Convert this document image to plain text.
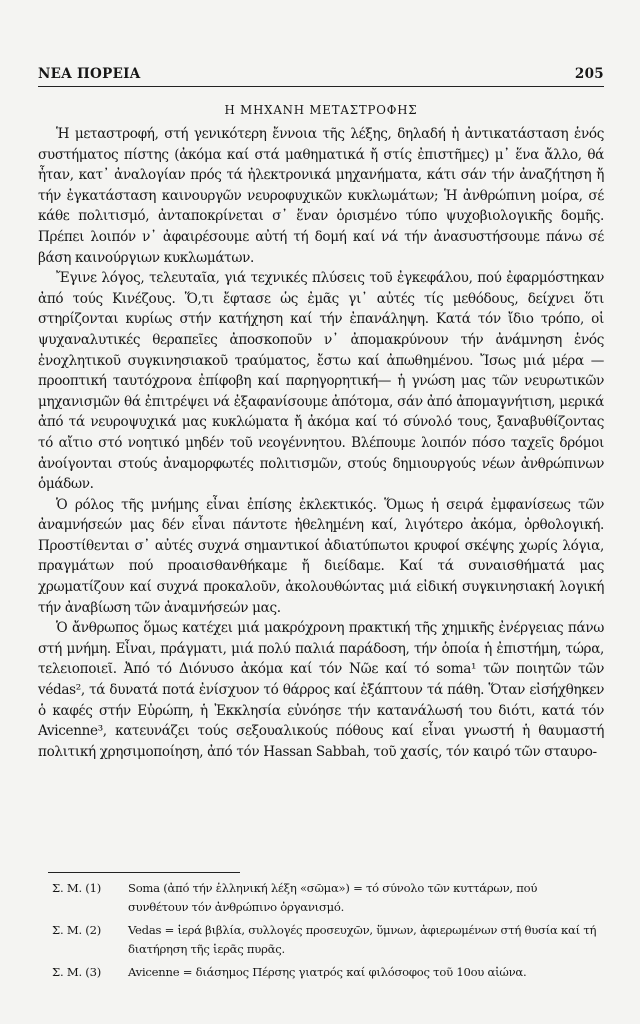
ΝΕΑ ΠΟΡΕΙΑ	205
Η ΜΗΧΑΝΗ ΜΕΤΑΣΤΡΟΦΗΣ

Ἡ μεταστροφή, στή γενικότερη ἔννοια τῆς λέξης, δηλαδή ἡ ἀντικατάσταση ἑνός συστήματος πίστης (ἀκόμα καί στά μαθηματικά ἤ στίς ἐπιστῆμες) μ᾿ ἕνα ἄλλο, θά ἦταν, κατ᾿ ἀναλογίαν πρός τά ἠλεκτρονικά μηχανήματα, κάτι σάν τήν ἀναζήτηση ἤ τήν ἐγκατάσταση καινουργῶν νευροφυχικῶν κυκλωμάτων; Ἡ ἀνθρώπινη μοίρα, σέ κάθε πολιτισμό, ἀνταποκρίνεται σ᾿ ἕναν ὁρισμένο τύπο ψυχοβιολογικῆς δομῆς. Πρέπει λοιπόν ν᾿ ἀφαιρέσουμε αὐτή τή δομή καί νά τήν ἀνασυστήσουμε πάνω σέ βάση καινούργιων κυκλωμάτων.

Ἔγινε λόγος, τελευταῖα, γιά τεχνικές πλύσεις τοῦ ἐγκεφάλου, πού ἐφαρμόστηκαν ἀπό τούς Κινέζους. Ὅ,τι ἔφτασε ὡς ἐμᾶς γι᾿ αὐτές τίς μεθόδους, δείχνει ὅτι στηρίζονται κυρίως στήν κατήχηση καί τήν ἐπανάληψη. Κατά τόν ἴδιο τρόπο, οἱ ψυχαναλυτικές θεραπεῖες ἀποσκοποῦν ν᾿ ἀπομακρύνουν τήν ἀνάμνηση ἑνός ἐνοχλητικοῦ συγκινησιακοῦ τραύματος, ἔστω καί ἀπωθημένου. Ἴσως μιά μέρα —προοπτική ταυτόχρονα ἐπίφοβη καί παρηγορητική— ἡ γνώση μας τῶν νευρωτικῶν μηχανισμῶν θά ἐπιτρέψει νά ἐξαφανίσουμε ἀπότομα, σάν ἀπό ἀπομαγνήτιση, μερικά ἀπό τά νευροψυχικά μας κυκλώματα ἤ ἀκόμα καί τό σύνολό τους, ξαναβυθίζοντας τό αἴτιο στό νοητικό μηδέν τοῦ νεογέννητου. Βλέπουμε λοιπόν πόσο ταχεῖς δρόμοι ἀνοίγονται στούς ἀναμορφωτές πολιτισμῶν, στούς δημιουργούς νέων ἀνθρώπινων ὁμάδων.

Ὁ ρόλος τῆς μνήμης εἶναι ἐπίσης ἐκλεκτικός. Ὅμως ἡ σειρά ἐμφανίσεως τῶν ἀναμνήσεών μας δέν εἶναι πάντοτε ἠθεληµένη καί, λιγότερο ἀκόμα, ὀρθολογική. Προστίθενται σ᾿ αὐτές συχνά σημαντικοί ἀδιατύπωτοι κρυφοί σκέψης χωρίς λόγια, πραγμάτων πού προαισθανθήκαμε ἤ διείδαμε. Καί τά συναισθήματά μας χρωματίζουν καί συχνά προκαλοῦν, ἀκολουθώντας μιά εἰδική συγκινησιακή λογική τήν ἀναβίωση τῶν ἀναμνήσεών μας.

Ὁ ἄνθρωπος ὅμως κατέχει μιά μακρόχρονη πρακτική τῆς χημικῆς ἐνέργειας πάνω στή μνήμη. Εἶναι, πράγματι, μιά πολύ παλιά παράδοση, τήν ὁποία ἡ ἐπιστήμη, τώρα, τελειοποιεῖ. Ἀπό τό Διόνυσο ἀκόμα καί τόν Νῶε καί τό soma¹ τῶν ποιητῶν τῶν védas², τά δυνατά ποτά ἐνίσχυον τό θάρρος καί ἐξάπτουν τά πάθη. Ὅταν εἰσήχθηκεν ὁ καφές στήν Εὐρώπη, ἡ Ἐκκλησία εὐνόησε τήν κατανάλωσή του διότι, κατά τόν Avicenne³, κατευνάζει τούς σεξουαλικούς πόθους καί εἶναι γνωστή ἡ θαυμαστή πολιτική χρησιμοποίηση, ἀπό τόν Hassan Sabbah, τοῦ χασίς, τόν καιρό τῶν σταυρο-

Σ. Μ. (1)	Soma (ἀπό τήν ἑλληνική λέξη «σῶμα») = τό σύνολο τῶν κυττάρων, πού συνθέτουν τόν ἀνθρώπινο ὀργανισμό.
Σ. Μ. (2)	Vedas = ἱερά βιβλία, συλλογές προσευχῶν, ὕμνων, ἀφιερωμένων στή θυσία καί τή διατήρηση τῆς ἱερᾶς πυρᾶς.
Σ. Μ. (3)	Avicenne = διάσημος Πέρσης γιατρός καί φιλόσοφος τοῦ 10ου αἰώνα.
